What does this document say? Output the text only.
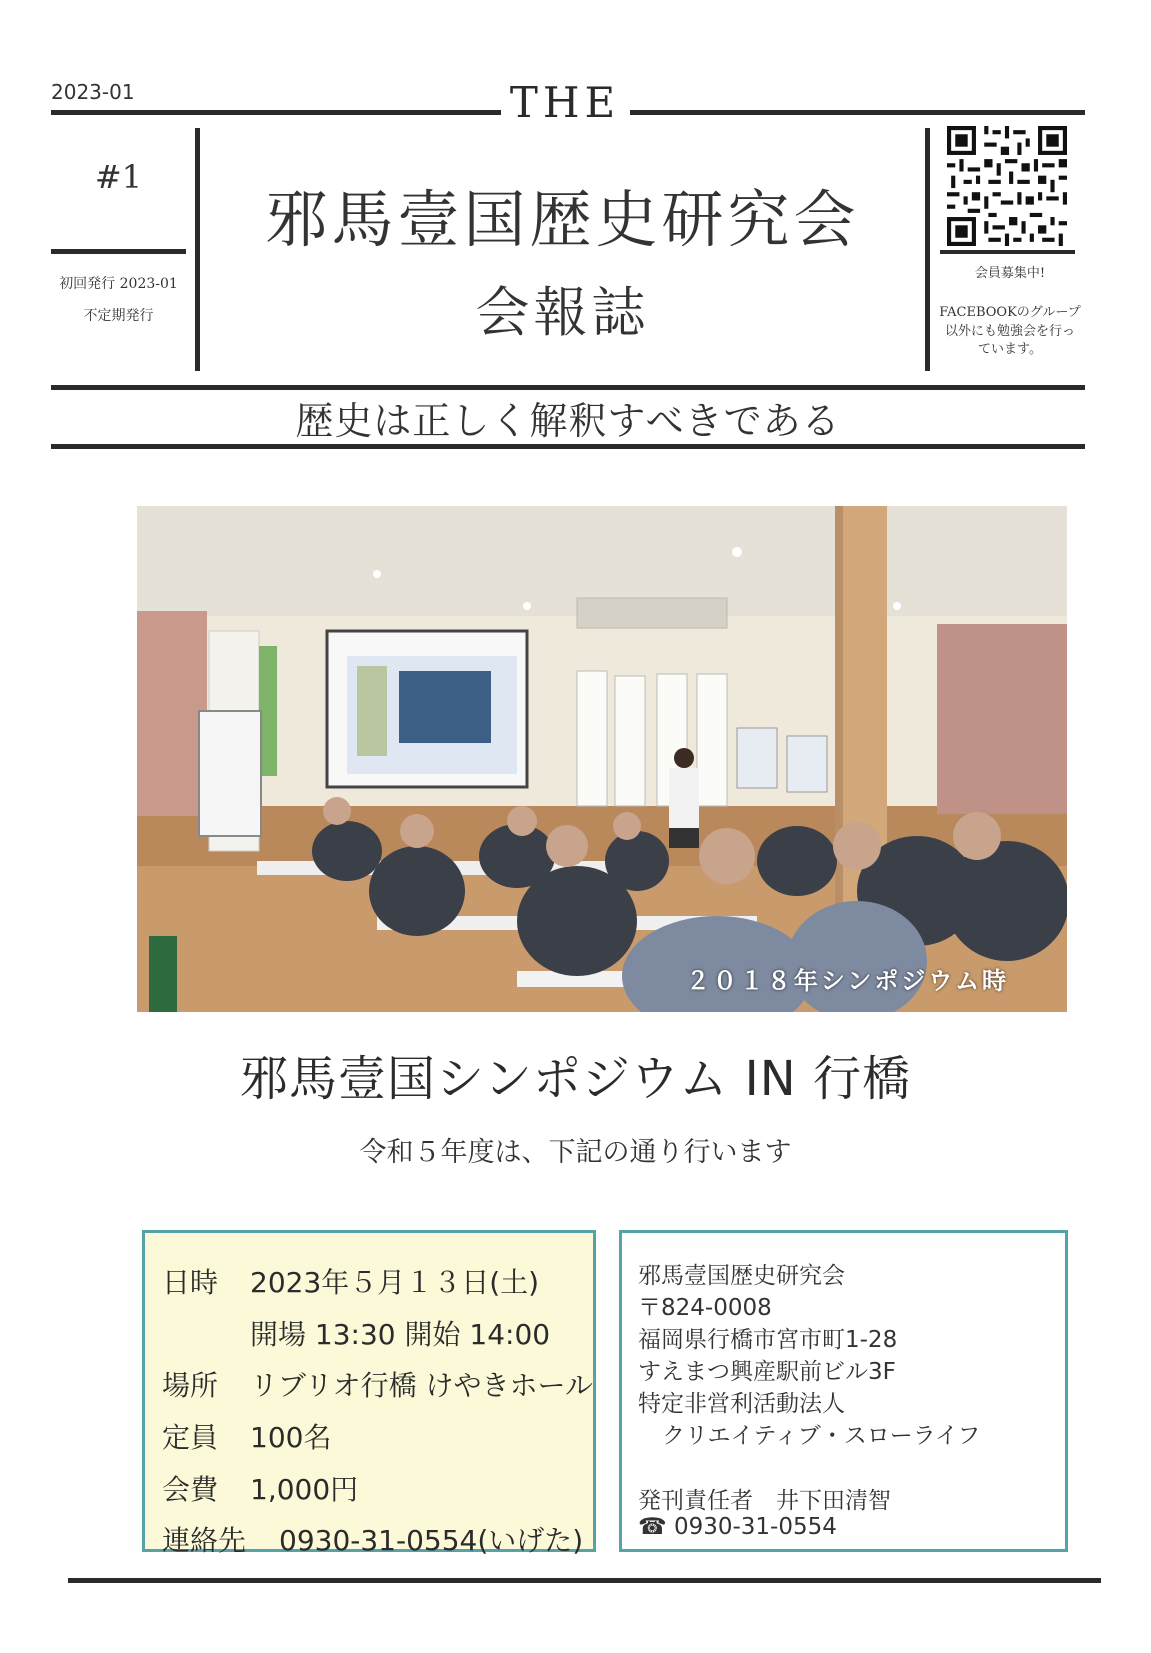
2023-01	THE
#1
初回発行 2023-01
不定期発行
邪馬壹国歴史研究会
会報誌
会員募集中!
FACEBOOKのグループ
以外にも勉強会を行っ
ています。
歴史は正しく解釈すべきである
２０１８年シンポジウム時
邪馬壹国シンポジウム IN 行橋
令和５年度は、下記の通り行います
日時 2023年５月１３日(土)
開場 13:30 開始 14:00
場所 リブリオ行橋 けやきホール
定員 100名
会費 1,000円
連絡先 0930-31-0554(いげた)
邪馬壹国歴史研究会
〒824-0008
福岡県行橋市宮市町1-28
すえまつ興産駅前ビル3F
特定非営利活動法人
クリエイティブ・スローライフ
発刊責任者　井下田清智
☎ 0930-31-0554
